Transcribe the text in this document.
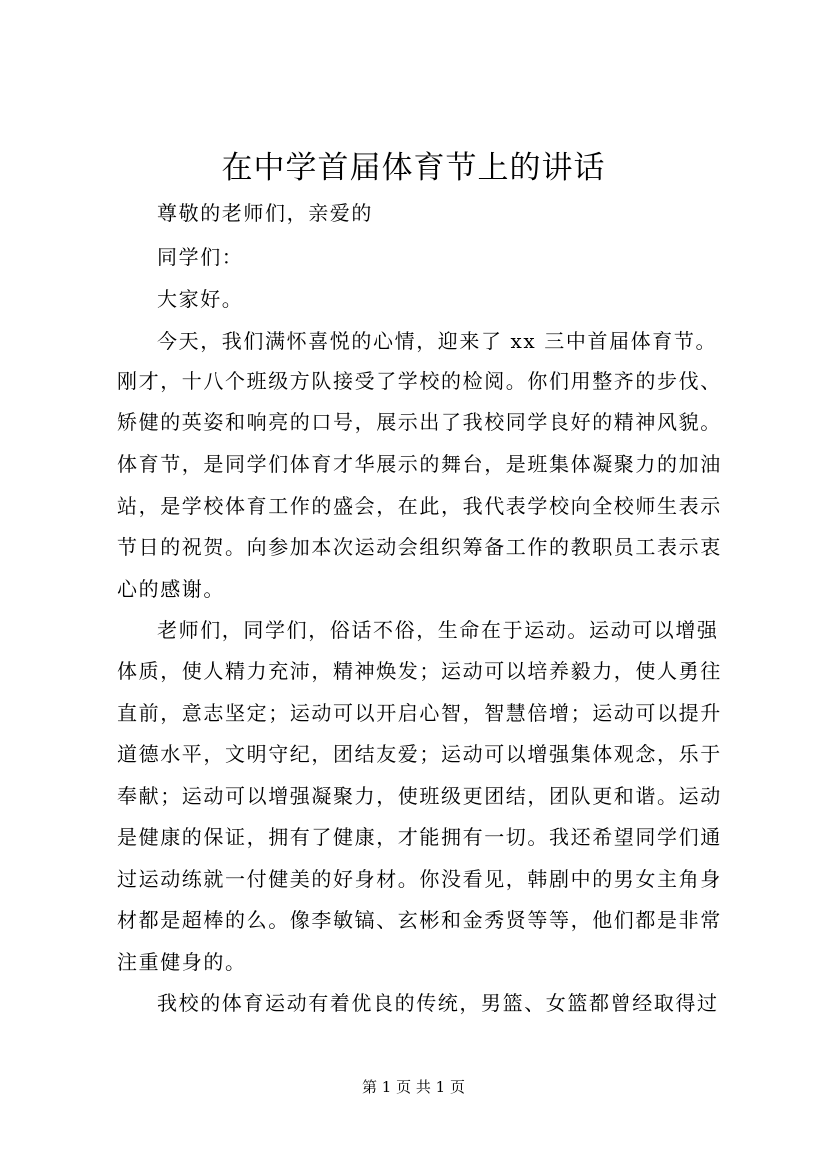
在中学首届体育节上的讲话
尊敬的老师们，亲爱的
同学们：
大家好。
今天，我们满怀喜悦的心情，迎来了 xx 三中首届体育节。
刚才，十八个班级方队接受了学校的检阅。你们用整齐的步伐、
矫健的英姿和响亮的口号，展示出了我校同学良好的精神风貌。
体育节，是同学们体育才华展示的舞台，是班集体凝聚力的加油
站，是学校体育工作的盛会，在此，我代表学校向全校师生表示
节日的祝贺。向参加本次运动会组织筹备工作的教职员工表示衷
心的感谢。
老师们，同学们，俗话不俗，生命在于运动。运动可以增强
体质，使人精力充沛，精神焕发；运动可以培养毅力，使人勇往
直前，意志坚定；运动可以开启心智，智慧倍增；运动可以提升
道德水平，文明守纪，团结友爱；运动可以增强集体观念，乐于
奉献；运动可以增强凝聚力，使班级更团结，团队更和谐。运动
是健康的保证，拥有了健康，才能拥有一切。我还希望同学们通
过运动练就一付健美的好身材。你没看见，韩剧中的男女主角身
材都是超棒的么。像李敏镐、玄彬和金秀贤等等，他们都是非常
注重健身的。
我校的体育运动有着优良的传统，男篮、女篮都曾经取得过
第 1 页 共 1 页
